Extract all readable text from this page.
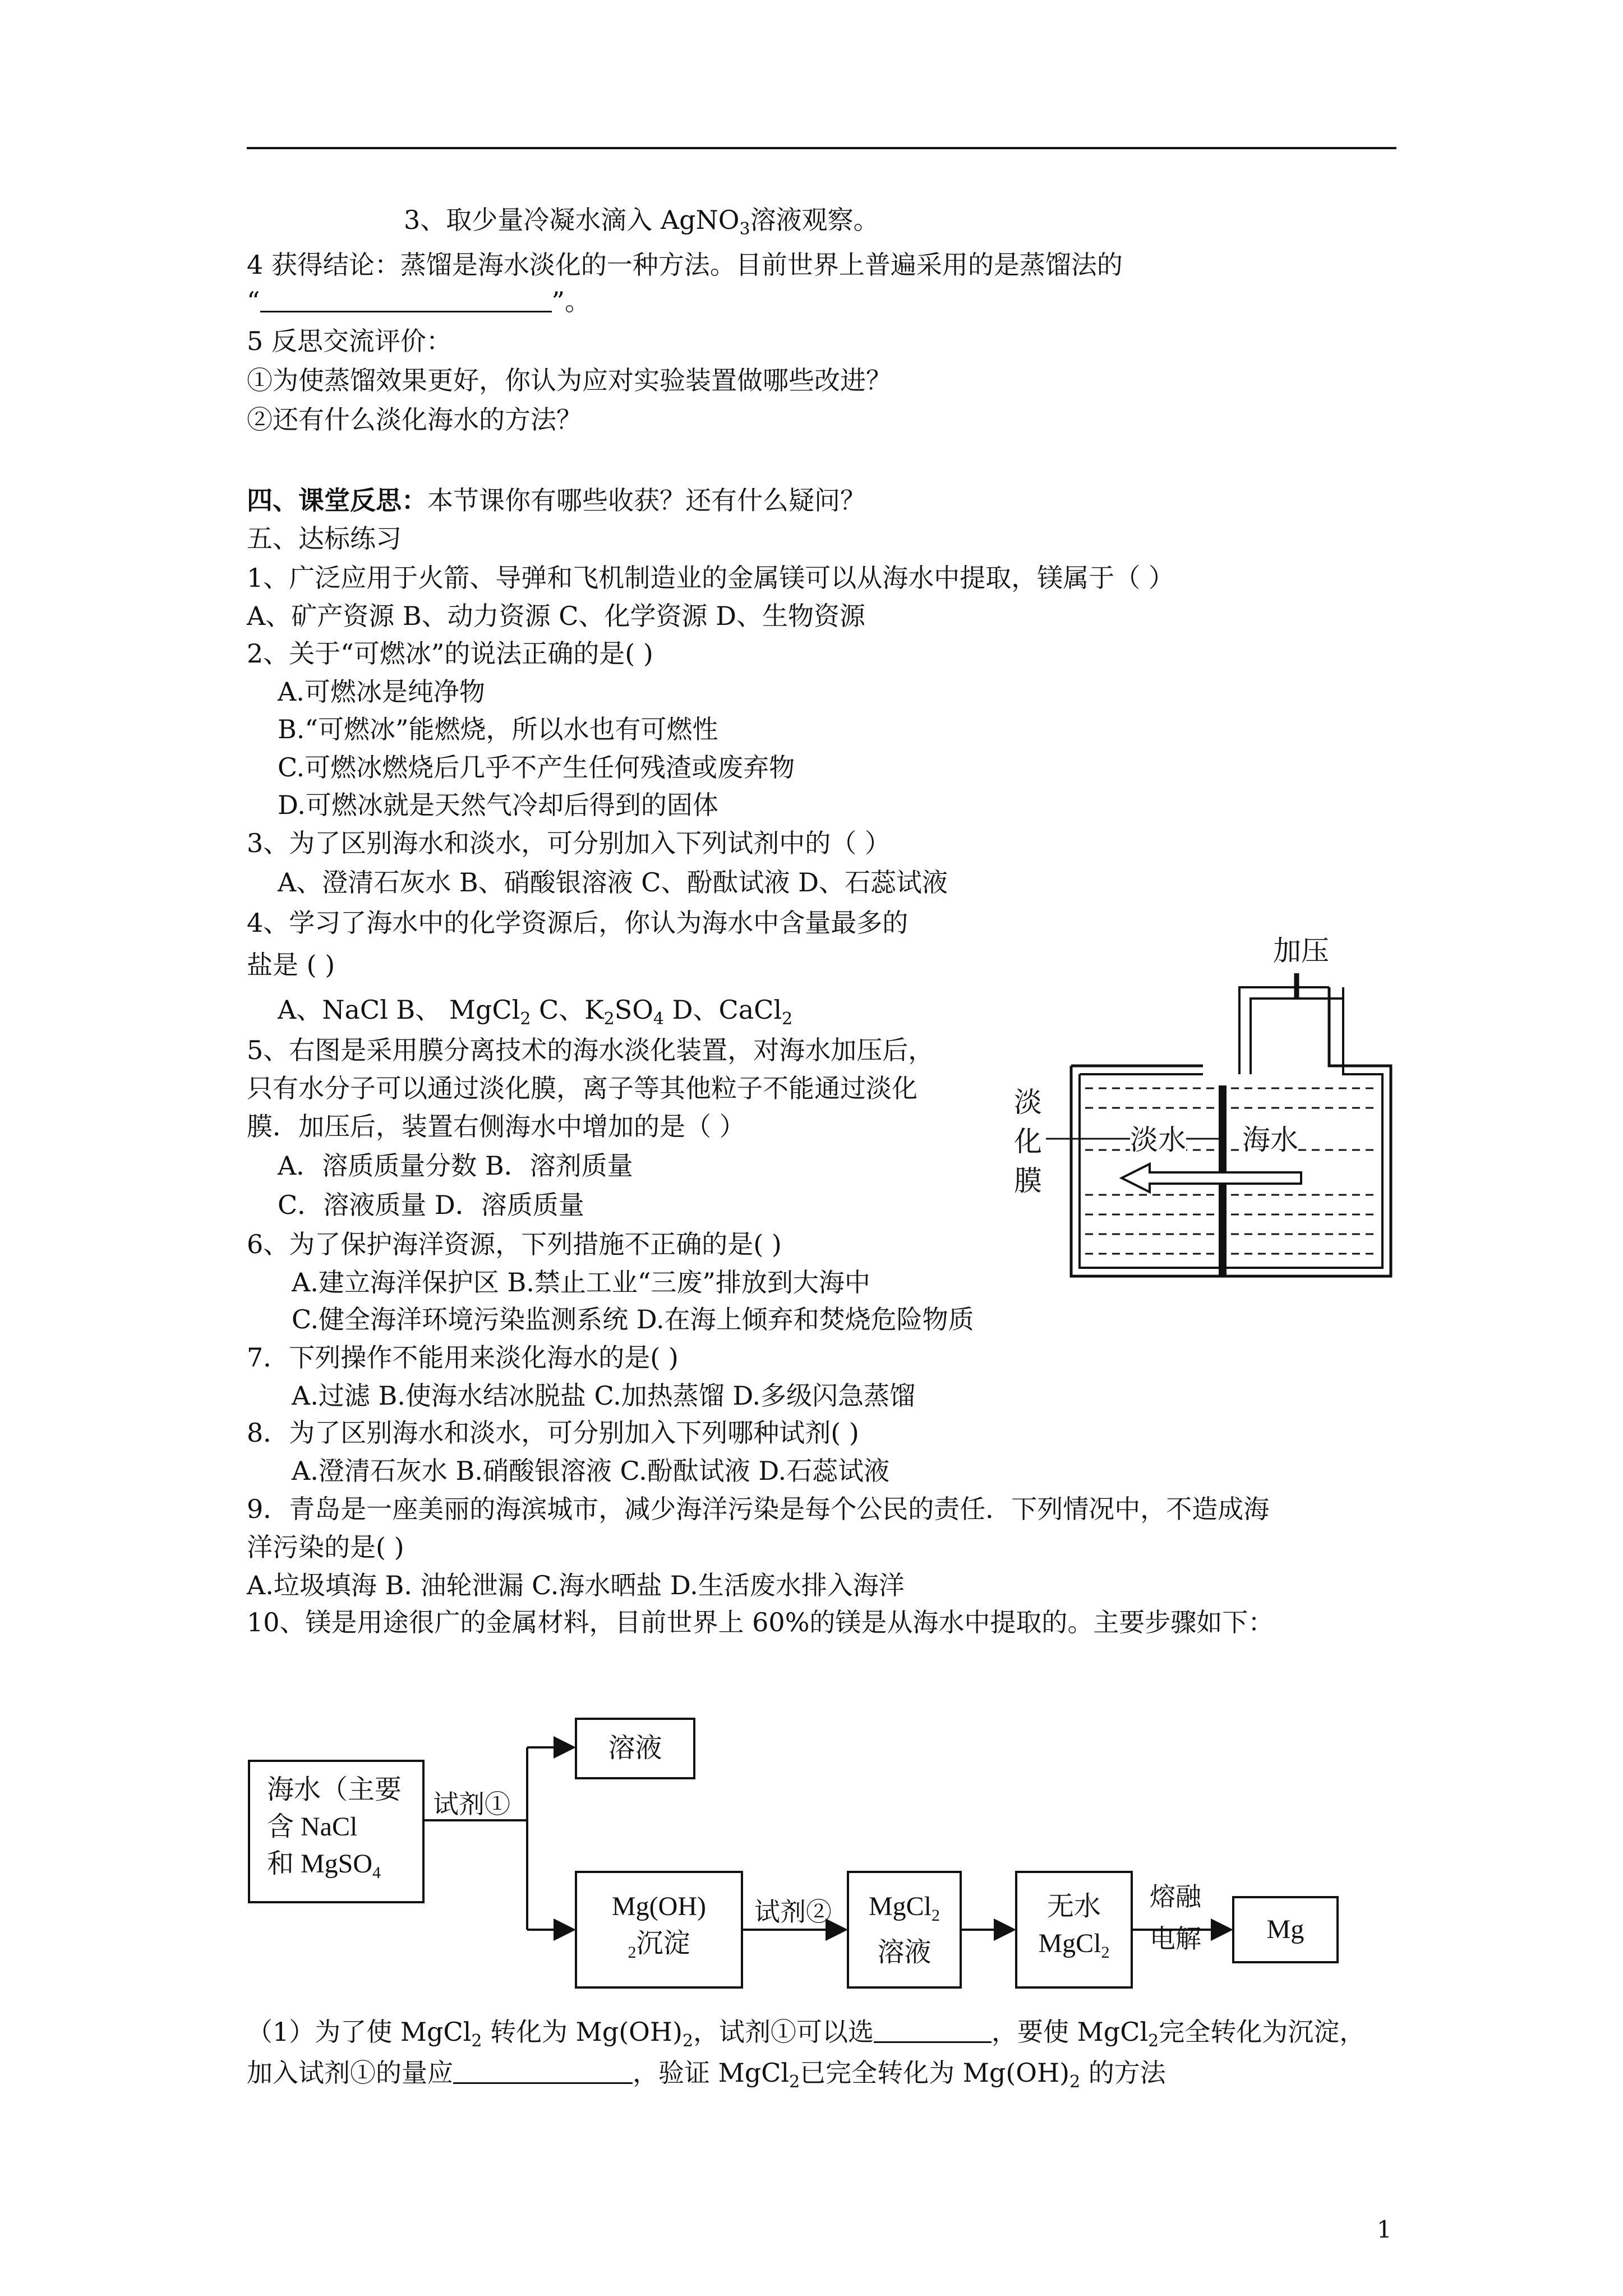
3、取少量冷凝水滴入 AgNO$_3$溶液观察。
4 获得结论：蒸馏是海水淡化的一种方法。目前世界上普遍采用的是蒸馏法的
“	”。
5 反思交流评价：
①为使蒸馏效果更好，你认为应对实验装置做哪些改进？
②还有什么淡化海水的方法？
四、课堂反思：本节课你有哪些收获？还有什么疑问？
五、达标练习
1、广泛应用于火箭、导弹和飞机制造业的金属镁可以从海水中提取，镁属于（ ）
A、矿产资源 B、动力资源 C、化学资源 D、生物资源
2、关于“可燃冰”的说法正确的是( )
A.可燃冰是纯净物
B.“可燃冰”能燃烧，所以水也有可燃性
C.可燃冰燃烧后几乎不产生任何残渣或废弃物
D.可燃冰就是天然气冷却后得到的固体
3、为了区别海水和淡水，可分别加入下列试剂中的（ ）
A、澄清石灰水 B、硝酸银溶液 C、酚酞试液 D、石蕊试液
4、学习了海水中的化学资源后，你认为海水中含量最多的
盐是 ( )
A、NaCl B、 MgCl$_2$ C、$K_2SO_4$ D、CaCl$_2$
5、右图是采用膜分离技术的海水淡化装置，对海水加压后，
只有水分子可以通过淡化膜，离子等其他粒子不能通过淡化
膜．加压后，装置右侧海水中增加的是（ ）
A．溶质质量分数 B．溶剂质量
C．溶液质量 D．溶质质量
6、为了保护海洋资源，下列措施不正确的是( )
A.建立海洋保护区 B.禁止工业“三废”排放到大海中
C.健全海洋环境污染监测系统 D.在海上倾弃和焚烧危险物质
7．下列操作不能用来淡化海水的是( )
A.过滤 B.使海水结冰脱盐 C.加热蒸馏 D.多级闪急蒸馏
8．为了区别海水和淡水，可分别加入下列哪种试剂( )
A.澄清石灰水 B.硝酸银溶液 C.酚酞试液 D.石蕊试液
9．青岛是一座美丽的海滨城市，减少海洋污染是每个公民的责任．下列情况中，不造成海
洋污染的是( )
A.垃圾填海 B. 油轮泄漏 C.海水晒盐 D.生活废水排入海洋
10、镁是用途很广的金属材料，目前世界上 60%的镁是从海水中提取的。主要步骤如下：
加压
淡
化
膜
淡水 海水
海水（主要
含 NaCl
和 MgSO$_4$
溶液
试剂①
Mg(OH)
$_2$沉淀
试剂② MgCl$_2$
溶液
无水
MgCl$_2$
熔融
电解	Mg
（1）为了使 MgCl$_2$ 转化为 $Mg(OH)_2$，试剂①可以选	，要使 MgCl$_2$完全转化为沉淀，
加入试剂①的量应	，验证 MgCl$_2$已完全转化为 $Mg(OH)_2$ 的方法
1
